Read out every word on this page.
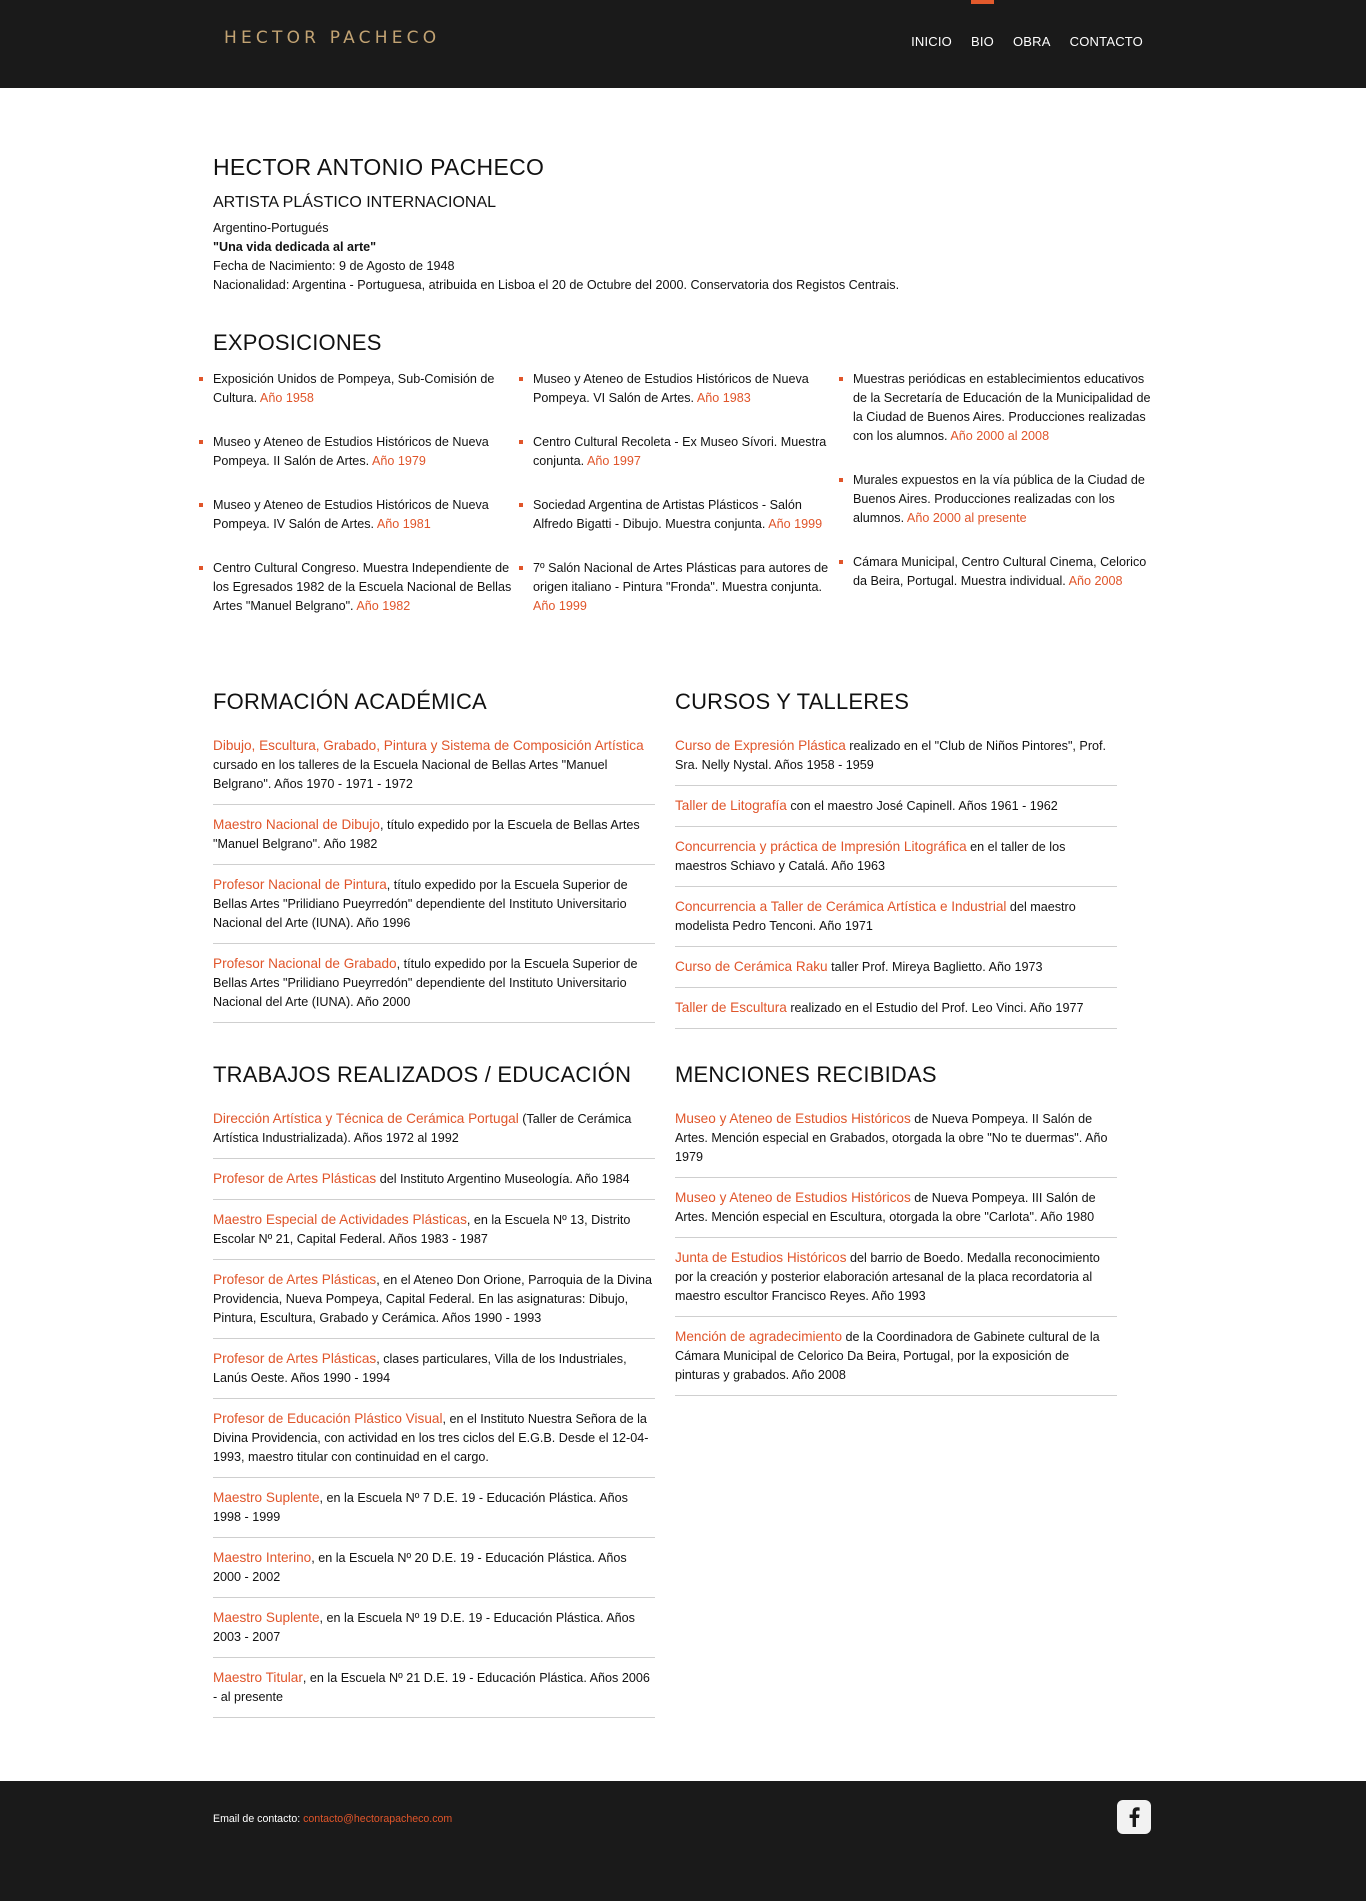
HECTOR PACHECO	INICIO BIO OBRA CONTACTO
HECTOR ANTONIO PACHECO
ARTISTA PLÁSTICO INTERNACIONAL
Argentino-Portugués
"Una vida dedicada al arte"
Fecha de Nacimiento: 9 de Agosto de 1948
Nacionalidad: Argentina - Portuguesa, atribuida en Lisboa el 20 de Octubre del 2000. Conservatoria dos Registos Centrais.
EXPOSICIONES
Exposición Unidos de Pompeya, Sub-Comisión de Cultura. Año 1958
Museo y Ateneo de Estudios Históricos de Nueva Pompeya. II Salón de Artes. Año 1979
Museo y Ateneo de Estudios Históricos de Nueva Pompeya. IV Salón de Artes. Año 1981
Centro Cultural Congreso. Muestra Independiente de los Egresados 1982 de la Escuela Nacional de Bellas Artes "Manuel Belgrano". Año 1982
Museo y Ateneo de Estudios Históricos de Nueva Pompeya. VI Salón de Artes. Año 1983
Centro Cultural Recoleta - Ex Museo Sívori. Muestra conjunta. Año 1997
Sociedad Argentina de Artistas Plásticos - Salón Alfredo Bigatti - Dibujo. Muestra conjunta. Año 1999
7º Salón Nacional de Artes Plásticas para autores de origen italiano - Pintura "Fronda". Muestra conjunta. Año 1999
Muestras periódicas en establecimientos educativos de la Secretaría de Educación de la Municipalidad de la Ciudad de Buenos Aires. Producciones realizadas con los alumnos. Año 2000 al 2008
Murales expuestos en la vía pública de la Ciudad de Buenos Aires. Producciones realizadas con los alumnos. Año 2000 al presente
Cámara Municipal, Centro Cultural Cinema, Celorico da Beira, Portugal. Muestra individual. Año 2008
FORMACIÓN ACADÉMICA
Dibujo, Escultura, Grabado, Pintura y Sistema de Composición Artística cursado en los talleres de la Escuela Nacional de Bellas Artes "Manuel Belgrano". Años 1970 - 1971 - 1972
Maestro Nacional de Dibujo, título expedido por la Escuela de Bellas Artes "Manuel Belgrano". Año 1982
Profesor Nacional de Pintura, título expedido por la Escuela Superior de Bellas Artes "Prilidiano Pueyrredón" dependiente del Instituto Universitario Nacional del Arte (IUNA). Año 1996
Profesor Nacional de Grabado, título expedido por la Escuela Superior de Bellas Artes "Prilidiano Pueyrredón" dependiente del Instituto Universitario Nacional del Arte (IUNA). Año 2000
CURSOS Y TALLERES
Curso de Expresión Plástica realizado en el "Club de Niños Pintores", Prof. Sra. Nelly Nystal. Años 1958 - 1959
Taller de Litografía con el maestro José Capinell. Años 1961 - 1962
Concurrencia y práctica de Impresión Litográfica en el taller de los maestros Schiavo y Catalá. Año 1963
Concurrencia a Taller de Cerámica Artística e Industrial del maestro modelista Pedro Tenconi. Año 1971
Curso de Cerámica Raku taller Prof. Mireya Baglietto. Año 1973
Taller de Escultura realizado en el Estudio del Prof. Leo Vinci. Año 1977
TRABAJOS REALIZADOS / EDUCACIÓN
Dirección Artística y Técnica de Cerámica Portugal (Taller de Cerámica Artística Industrializada). Años 1972 al 1992
Profesor de Artes Plásticas del Instituto Argentino Museología. Año 1984
Maestro Especial de Actividades Plásticas, en la Escuela Nº 13, Distrito Escolar Nº 21, Capital Federal. Años 1983 - 1987
Profesor de Artes Plásticas, en el Ateneo Don Orione, Parroquia de la Divina Providencia, Nueva Pompeya, Capital Federal. En las asignaturas: Dibujo, Pintura, Escultura, Grabado y Cerámica. Años 1990 - 1993
Profesor de Artes Plásticas, clases particulares, Villa de los Industriales, Lanús Oeste. Años 1990 - 1994
Profesor de Educación Plástico Visual, en el Instituto Nuestra Señora de la Divina Providencia, con actividad en los tres ciclos del E.G.B. Desde el 12-04-1993, maestro titular con continuidad en el cargo.
Maestro Suplente, en la Escuela Nº 7 D.E. 19 - Educación Plástica. Años 1998 - 1999
Maestro Interino, en la Escuela Nº 20 D.E. 19 - Educación Plástica. Años 2000 - 2002
Maestro Suplente, en la Escuela Nº 19 D.E. 19 - Educación Plástica. Años 2003 - 2007
Maestro Titular, en la Escuela Nº 21 D.E. 19 - Educación Plástica. Años 2006 - al presente
MENCIONES RECIBIDAS
Museo y Ateneo de Estudios Históricos de Nueva Pompeya. II Salón de Artes. Mención especial en Grabados, otorgada la obre "No te duermas". Año 1979
Museo y Ateneo de Estudios Históricos de Nueva Pompeya. III Salón de Artes. Mención especial en Escultura, otorgada la obre "Carlota". Año 1980
Junta de Estudios Históricos del barrio de Boedo. Medalla reconocimiento por la creación y posterior elaboración artesanal de la placa recordatoria al maestro escultor Francisco Reyes. Año 1993
Mención de agradecimiento de la Coordinadora de Gabinete cultural de la Cámara Municipal de Celorico Da Beira, Portugal, por la exposición de pinturas y grabados. Año 2008
Email de contacto: contacto@hectorapacheco.com
